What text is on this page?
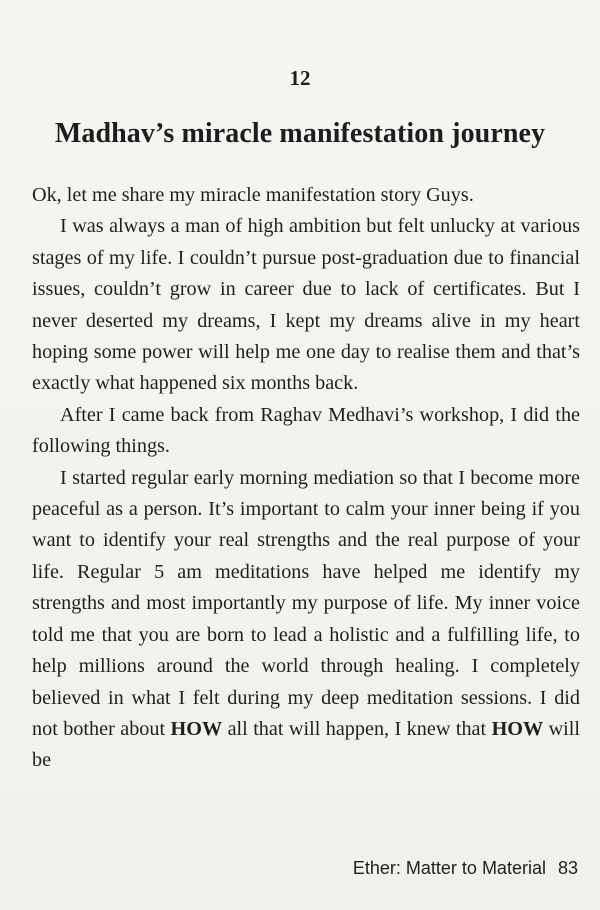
12
Madhav’s miracle manifestation journey

Ok, let me share my miracle manifestation story Guys.

I was always a man of high ambition but felt unlucky at various stages of my life. I couldn’t pursue post-graduation due to financial issues, couldn’t grow in career due to lack of certificates. But I never deserted my dreams, I kept my dreams alive in my heart hoping some power will help me one day to realise them and that’s exactly what happened six months back.

After I came back from Raghav Medhavi’s workshop, I did the following things.

I started regular early morning mediation so that I become more peaceful as a person. It’s important to calm your inner being if you want to identify your real strengths and the real purpose of your life. Regular 5 am meditations have helped me identify my strengths and most importantly my purpose of life. My inner voice told me that you are born to lead a holistic and a fulfilling life, to help millions around the world through healing. I completely believed in what I felt during my deep meditation sessions. I did not bother about HOW all that will happen, I knew that HOW will be

Ether: Matter to Material 83
